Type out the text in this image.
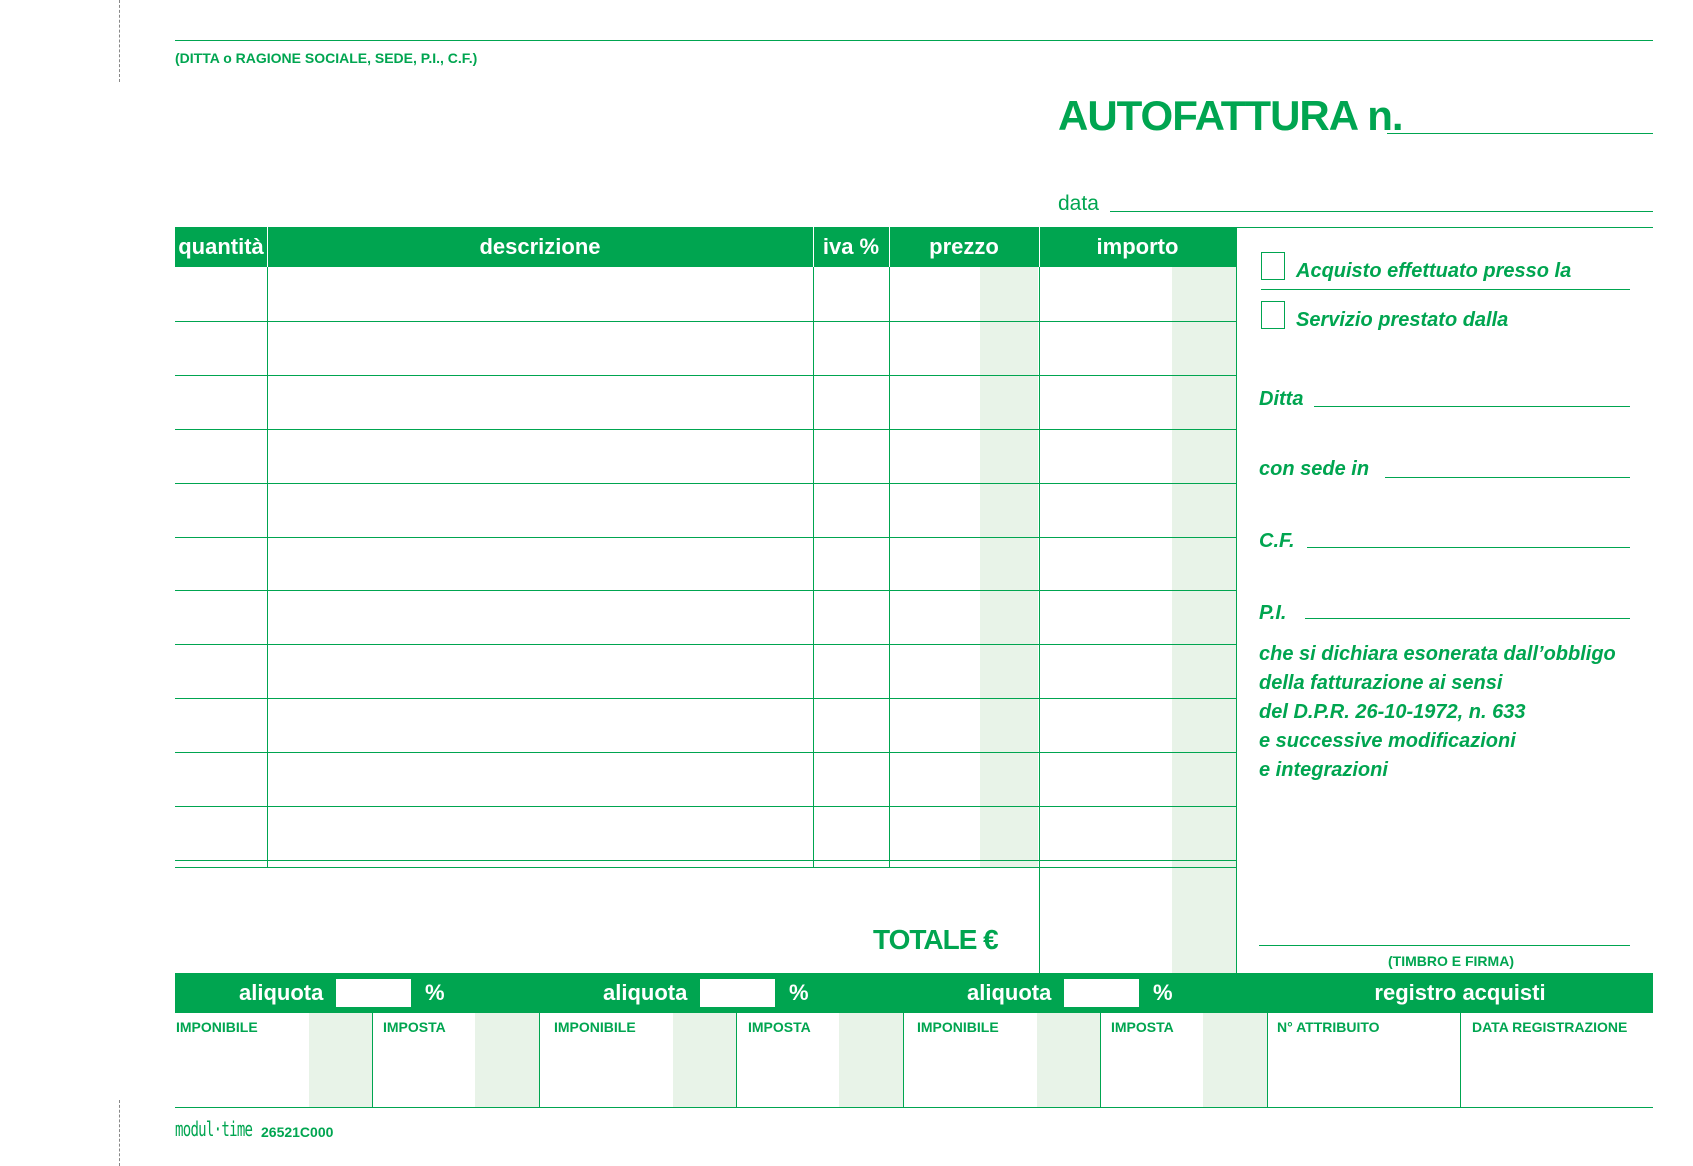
(DITTA o RAGIONE SOCIALE, SEDE, P.I., C.F.)
AUTOFATTURA n.
data
quantità	descrizione	iva %	prezzo	importo
TOTALE €
Acquisto effettuato presso la
Servizio prestato dalla
Ditta
con sede in
C.F.
P.I.
che si dichiara esonerata dall’obbligo
della fatturazione ai sensi
del D.P.R. 26-10-1972, n. 633
e successive modificazioni
e integrazioni
(TIMBRO E FIRMA)
aliquota	%	aliquota	%	aliquota	%	registro acquisti
IMPONIBILE	IMPOSTA	IMPONIBILE	IMPOSTA	IMPONIBILE	IMPOSTA	N° ATTRIBUITO	DATA REGISTRAZIONE
modul·time 26521C000
